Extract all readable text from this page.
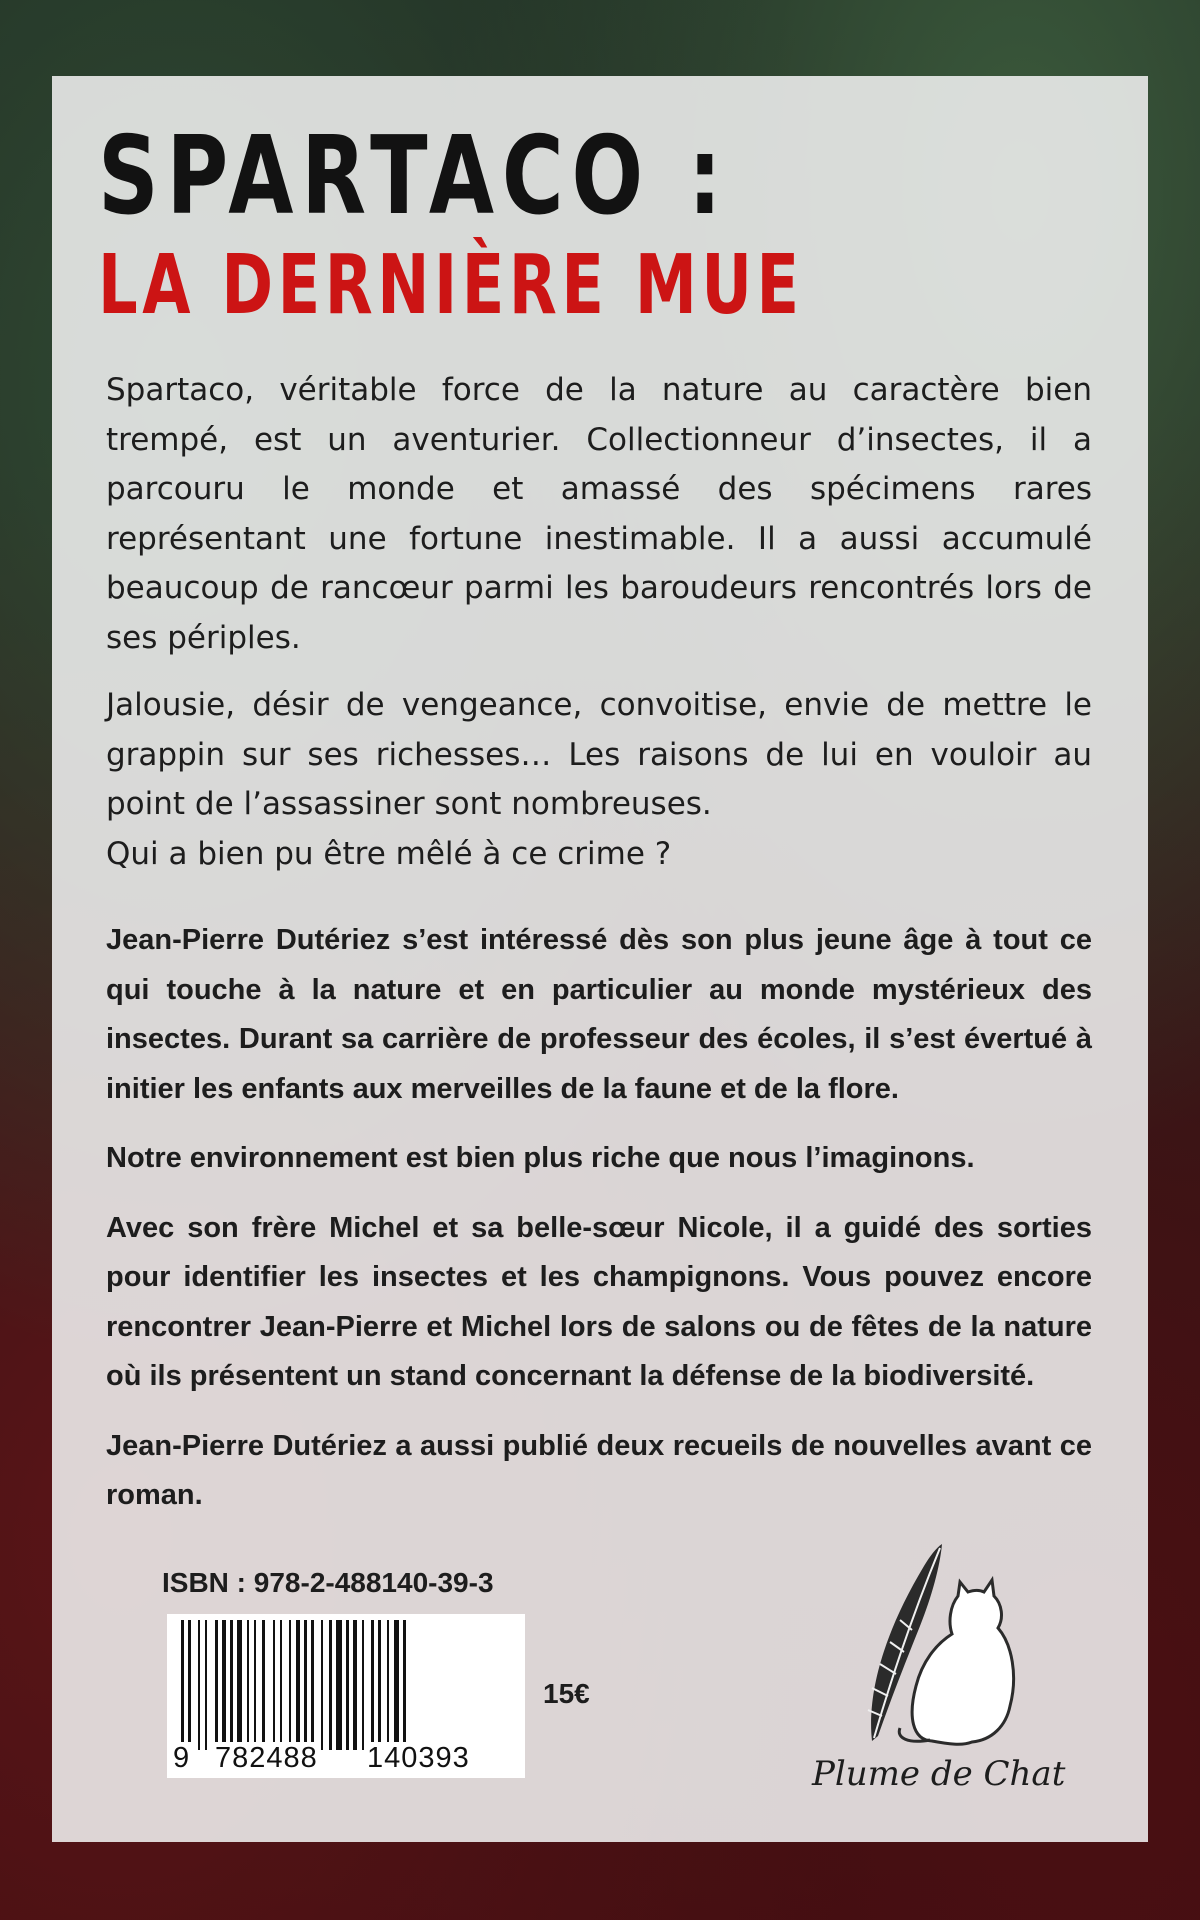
SPARTACO :
LA DERNIÈRE MUE

Spartaco, véritable force de la nature au caractère bien trempé, est un aventurier. Collectionneur d’insectes, il a parcouru le monde et amassé des spécimens rares représentant une fortune inestimable. Il a aussi accumulé beaucoup de rancœur parmi les baroudeurs rencontrés lors de ses périples.

Jalousie, désir de vengeance, convoitise, envie de mettre le grappin sur ses richesses… Les raisons de lui en vouloir au point de l’assassiner sont nombreuses.

Qui a bien pu être mêlé à ce crime ?

Jean-Pierre Dutériez s’est intéressé dès son plus jeune âge à tout ce qui touche à la nature et en particulier au monde mystérieux des insectes. Durant sa carrière de professeur des écoles, il s’est évertué à initier les enfants aux merveilles de la faune et de la flore.

Notre environnement est bien plus riche que nous l’imaginons.

Avec son frère Michel et sa belle-sœur Nicole, il a guidé des sorties pour identifier les insectes et les champignons. Vous pouvez encore rencontrer Jean-Pierre et Michel lors de salons ou de fêtes de la nature où ils présentent un stand concernant la défense de la biodiversité.

Jean-Pierre Dutériez a aussi publié deux recueils de nouvelles avant ce roman.

ISBN : 978-2-488140-39-3
9 782488 140393
15€
Plume de Chat
